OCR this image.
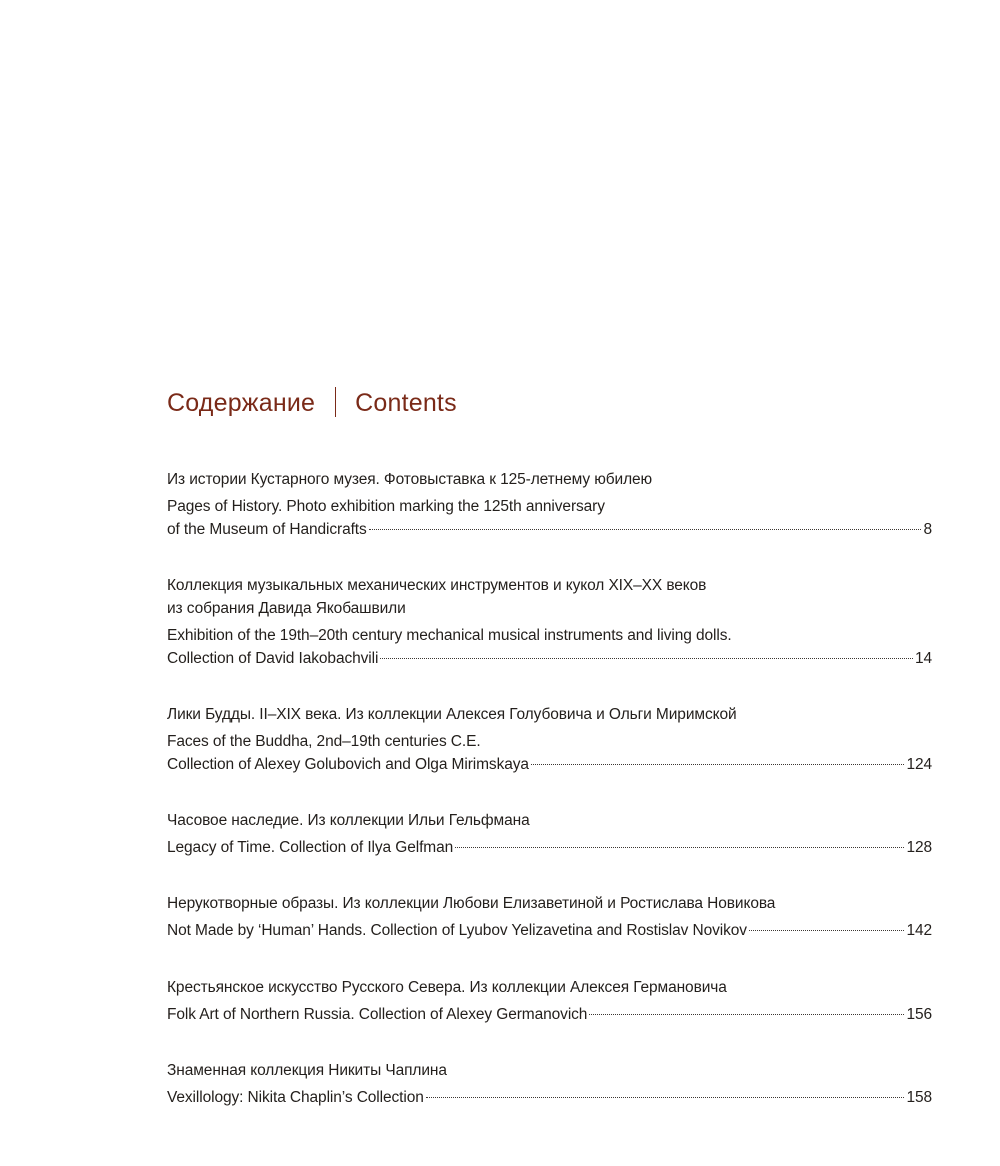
Содержание Contents
Из истории Кустарного музея. Фотовыставка к 125-летнему юбилею
Pages of History. Photo exhibition marking the 125th anniversary
of the Museum of Handicrafts	8
Коллекция музыкальных механических инструментов и кукол XIX–XX веков
из собрания Давида Якобашвили
Exhibition of the 19th–20th century mechanical musical instruments and living dolls.
Collection of David Iakobachvili	14
Лики Будды. II–XIX века. Из коллекции Алексея Голубовича и Ольги Миримской
Faces of the Buddha, 2nd–19th centuries C.E.
Collection of Alexey Golubovich and Olga Mirimskaya	124
Часовое наследие. Из коллекции Ильи Гельфмана
Legacy of Time. Collection of Ilya Gelfman	128
Нерукотворные образы. Из коллекции Любови Елизаветиной и Ростислава Новикова
Not Made by ‘Human’ Hands. Collection of Lyubov Yelizavetina and Rostislav Novikov	142
Крестьянское искусство Русского Севера. Из коллекции Алексея Германовича
Folk Art of Northern Russia. Collection of Alexey Germanovich	156
Знаменная коллекция Никиты Чаплина
Vexillology: Nikita Chaplin’s Collection	158
